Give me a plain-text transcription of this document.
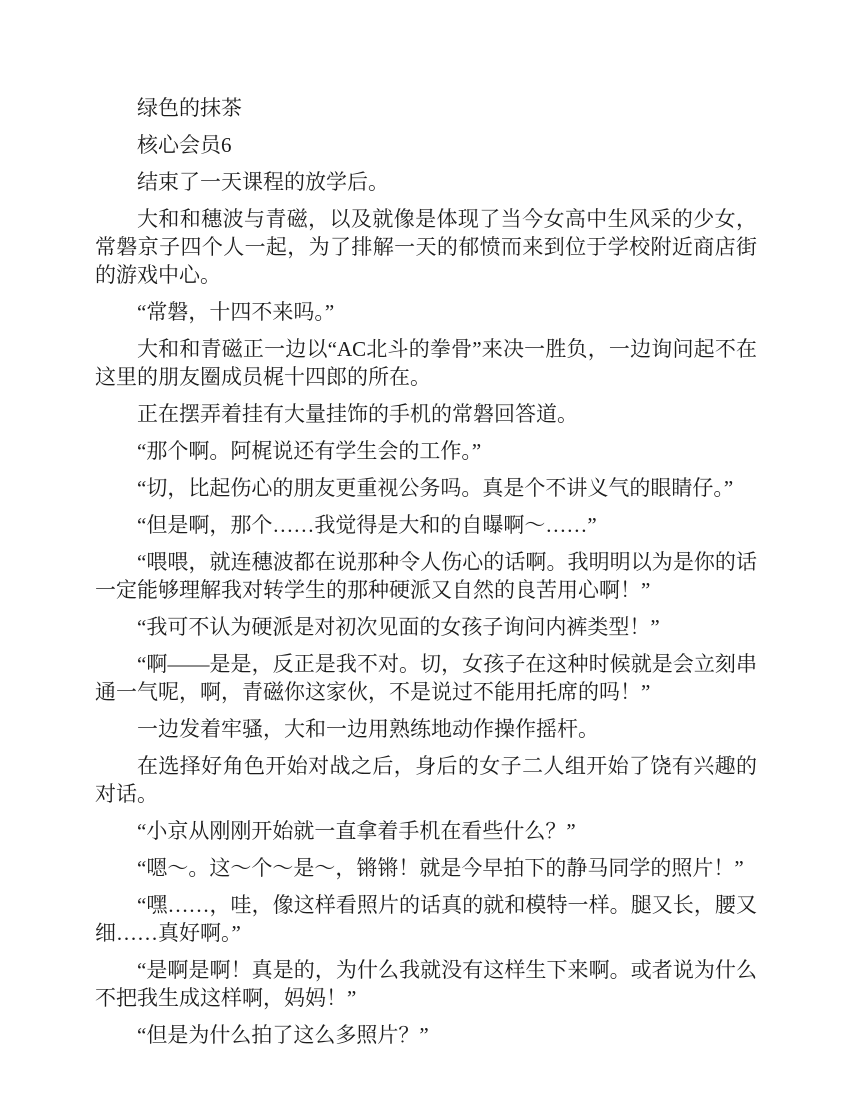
绿色的抹茶

核心会员6

结束了一天课程的放学后。

大和和穗波与青磁，以及就像是体现了当今女高中生风采的少女，常磐京子四个人一起，为了排解一天的郁愤而来到位于学校附近商店街的游戏中心。

“常磐，十四不来吗。”

大和和青磁正一边以“AC北斗的拳骨”来决一胜负，一边询问起不在这里的朋友圈成员梶十四郎的所在。

正在摆弄着挂有大量挂饰的手机的常磐回答道。

“那个啊。阿梶说还有学生会的工作。”

“切，比起伤心的朋友更重视公务吗。真是个不讲义气的眼睛仔。”

“但是啊，那个……我觉得是大和的自曝啊～……”

“喂喂，就连穗波都在说那种令人伤心的话啊。我明明以为是你的话一定能够理解我对转学生的那种硬派又自然的良苦用心啊！”

“我可不认为硬派是对初次见面的女孩子询问内裤类型！”

“啊——是是，反正是我不对。切，女孩子在这种时候就是会立刻串通一气呢，啊，青磁你这家伙，不是说过不能用托席的吗！”

一边发着牢骚，大和一边用熟练地动作操作摇杆。

在选择好角色开始对战之后，身后的女子二人组开始了饶有兴趣的对话。

“小京从刚刚开始就一直拿着手机在看些什么？”

“嗯～。这～个～是～，锵锵！就是今早拍下的静马同学的照片！”

“嘿……，哇，像这样看照片的话真的就和模特一样。腿又长，腰又细……真好啊。”

“是啊是啊！真是的，为什么我就没有这样生下来啊。或者说为什么不把我生成这样啊，妈妈！”

“但是为什么拍了这么多照片？”
